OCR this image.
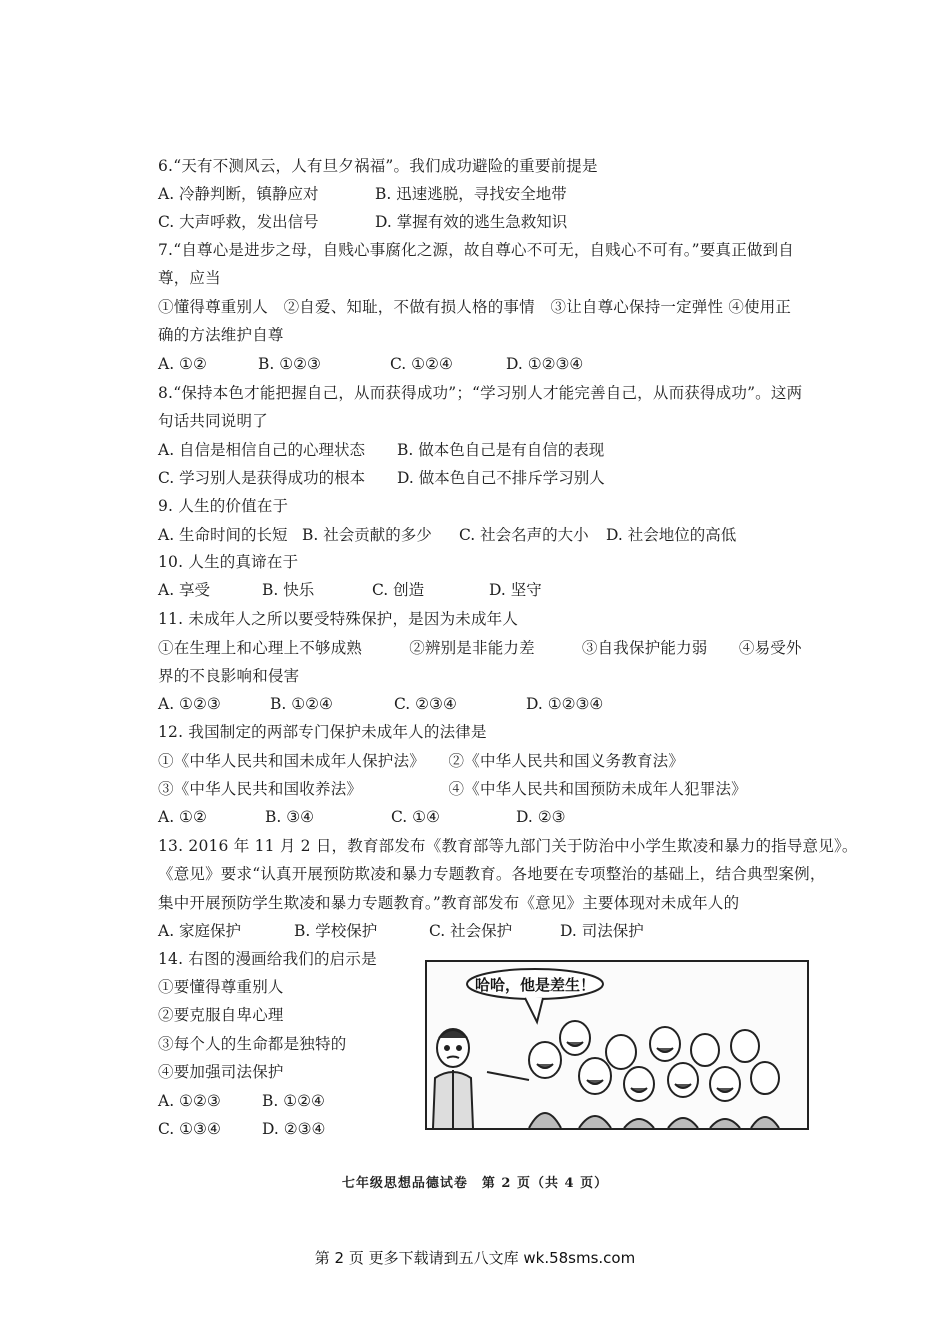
6.“天有不测风云，人有旦夕祸福”。我们成功避险的重要前提是
A. 冷静判断，镇静应对	B. 迅速逃脱，寻找安全地带
C. 大声呼救，发出信号	D. 掌握有效的逃生急救知识
7.“自尊心是进步之母，自贱心事腐化之源，故自尊心不可无，自贱心不可有。”要真正做到自
尊，应当
①懂得尊重别人　②自爱、知耻，不做有损人格的事情　③让自尊心保持一定弹性 ④使用正
确的方法维护自尊
A. ①②	B. ①②③	C. ①②④	D. ①②③④
8.“保持本色才能把握自己，从而获得成功”；“学习别人才能完善自己，从而获得成功”。这两
句话共同说明了
A. 自信是相信自己的心理状态 B. 做本色自己是有自信的表现
C. 学习别人是获得成功的根本 D. 做本色自己不排斥学习别人
9. 人生的价值在于
A. 生命时间的长短 B. 社会贡献的多少 C. 社会名声的大小 D. 社会地位的高低
10. 人生的真谛在于
A. 享受	B. 快乐	C. 创造	D. 坚守
11. 未成年人之所以要受特殊保护，是因为未成年人
①在生理上和心理上不够成熟　　　②辨别是非能力差　　　③自我保护能力弱　　④易受外
界的不良影响和侵害
A. ①②③	B. ①②④	C. ②③④	D. ①②③④
12. 我国制定的两部专门保护未成年人的法律是
①《中华人民共和国未成年人保护法》　　②《中华人民共和国义务教育法》
③《中华人民共和国收养法》　　　　　　④《中华人民共和国预防未成年人犯罪法》
A. ①②	B. ③④	C. ①④	D. ②③
13. 2016 年 11 月 2 日，教育部发布《教育部等九部门关于防治中小学生欺凌和暴力的指导意见》。
《意见》要求“认真开展预防欺凌和暴力专题教育。各地要在专项整治的基础上，结合典型案例，
集中开展预防学生欺凌和暴力专题教育。”教育部发布《意见》主要体现对未成年人的
A. 家庭保护	B. 学校保护	C. 社会保护	D. 司法保护
14. 右图的漫画给我们的启示是
①要懂得尊重别人
②要克服自卑心理
③每个人的生命都是独特的
④要加强司法保护
A. ①②③	B. ①②④
C. ①③④	D. ②③④
哈哈，他是差生！
七年级思想品德试卷　第 2 页（共 4 页）
第 2 页 更多下载请到五八文库 wk.58sms.com
